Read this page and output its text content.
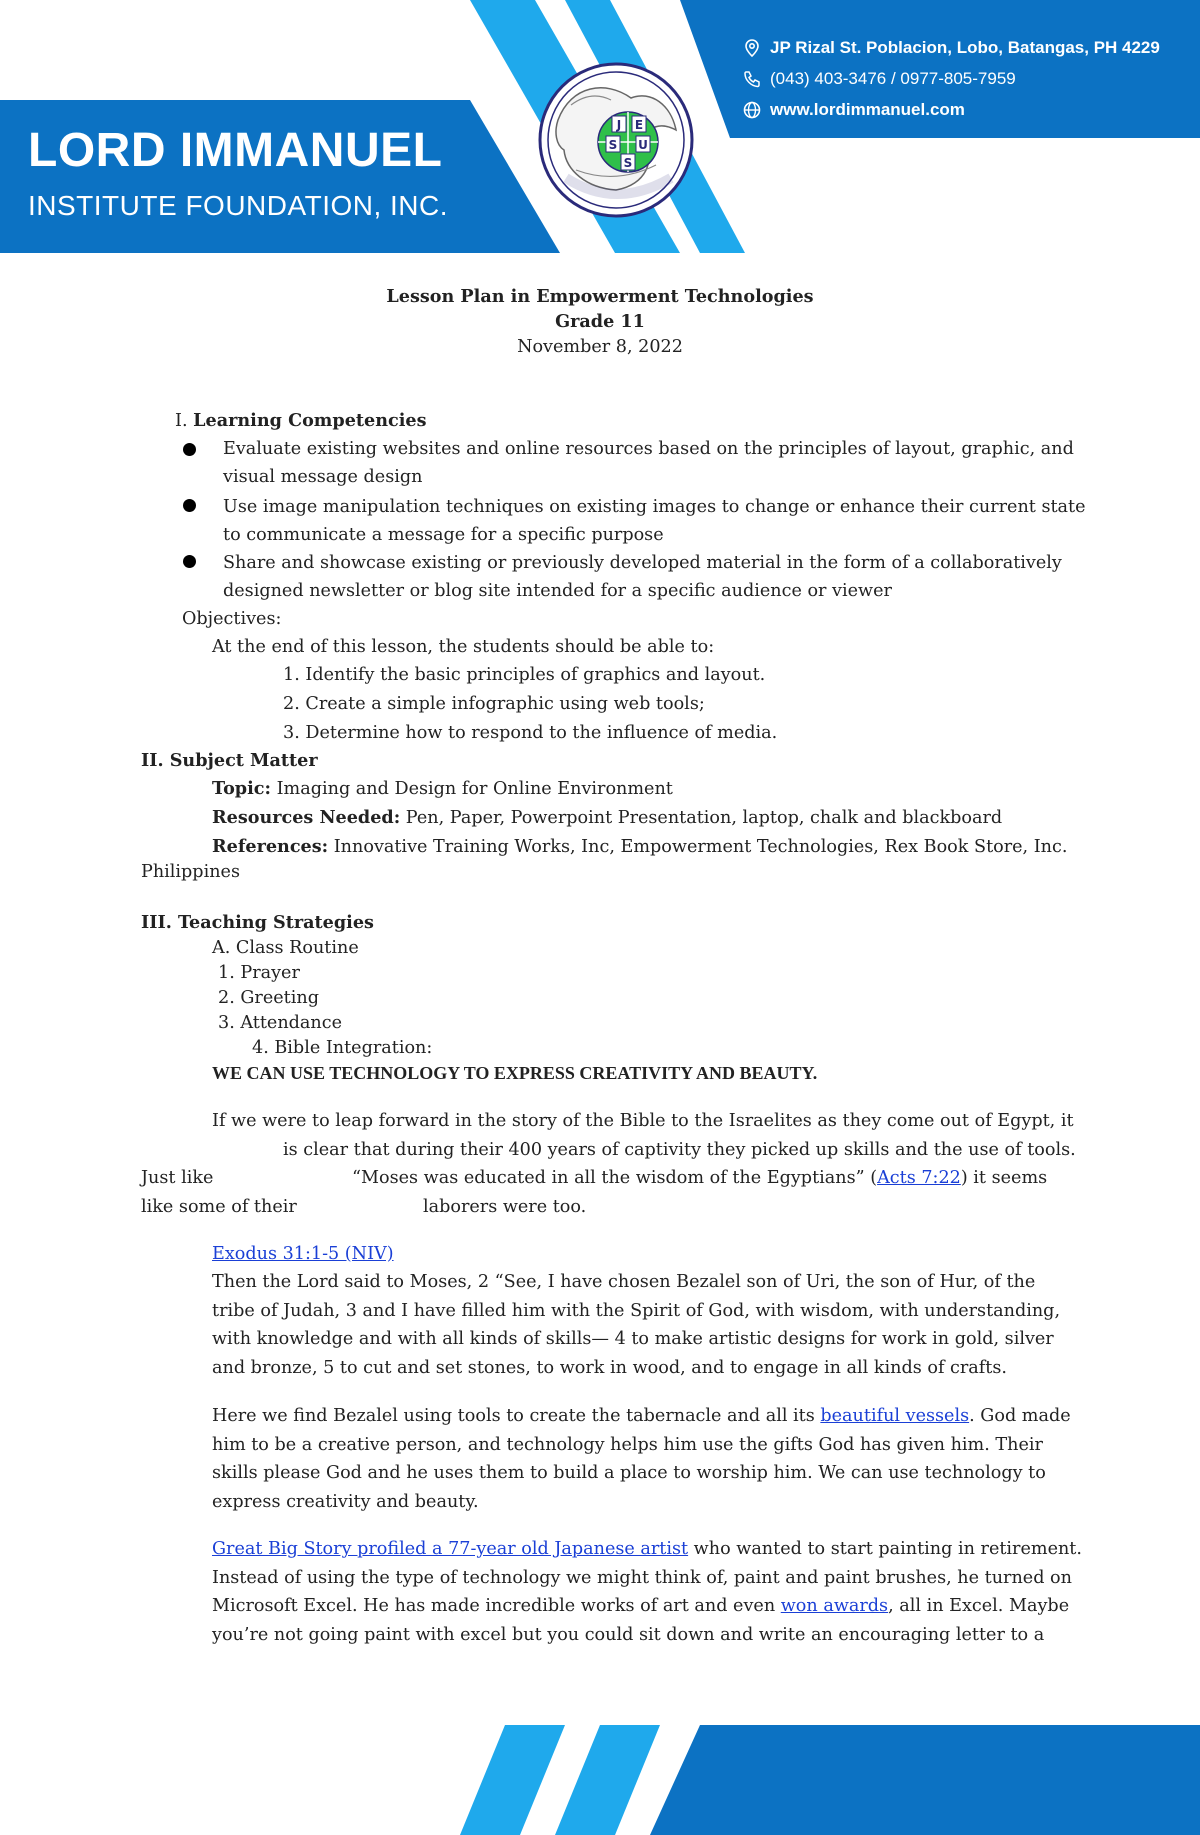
LORD IMMANUEL
INSTITUTE FOUNDATION, INC.
JP Rizal St. Poblacion, Lobo, Batangas, PH 4229
(043) 403-3476 / 0977-805-7959
www.lordimmanuel.com
J E
S U
S
Lesson Plan in Empowerment Technologies
Grade 11
November 8, 2022
I. Learning Competencies
Evaluate existing websites and online resources based on the principles of layout, graphic, and
visual message design
Use image manipulation techniques on existing images to change or enhance their current state
to communicate a message for a specific purpose
Share and showcase existing or previously developed material in the form of a collaboratively
designed newsletter or blog site intended for a specific audience or viewer
Objectives:
At the end of this lesson, the students should be able to:
1. Identify the basic principles of graphics and layout.
2. Create a simple infographic using web tools;
3. Determine how to respond to the influence of media.
II. Subject Matter
Topic: Imaging and Design for Online Environment
Resources Needed: Pen, Paper, Powerpoint Presentation, laptop, chalk and blackboard
References: Innovative Training Works, Inc, Empowerment Technologies, Rex Book Store, Inc.
Philippines
III. Teaching Strategies
A. Class Routine
1. Prayer
2. Greeting
3. Attendance
4. Bible Integration:
WE CAN USE TECHNOLOGY TO EXPRESS CREATIVITY AND BEAUTY.
If we were to leap forward in the story of the Bible to the Israelites as they come out of Egypt, it
is clear that during their 400 years of captivity they picked up skills and the use of tools.
Just like	“Moses was educated in all the wisdom of the Egyptians” (Acts 7:22) it seems
like some of their	laborers were too.
Exodus 31:1-5 (NIV)
Then the Lord said to Moses, 2 “See, I have chosen Bezalel son of Uri, the son of Hur, of the
tribe of Judah, 3 and I have filled him with the Spirit of God, with wisdom, with understanding,
with knowledge and with all kinds of skills— 4 to make artistic designs for work in gold, silver
and bronze, 5 to cut and set stones, to work in wood, and to engage in all kinds of crafts.
Here we find Bezalel using tools to create the tabernacle and all its beautiful vessels. God made
him to be a creative person, and technology helps him use the gifts God has given him. Their
skills please God and he uses them to build a place to worship him. We can use technology to
express creativity and beauty.
Great Big Story profiled a 77-year old Japanese artist who wanted to start painting in retirement.
Instead of using the type of technology we might think of, paint and paint brushes, he turned on
Microsoft Excel. He has made incredible works of art and even won awards, all in Excel. Maybe
you’re not going paint with excel but you could sit down and write an encouraging letter to a
